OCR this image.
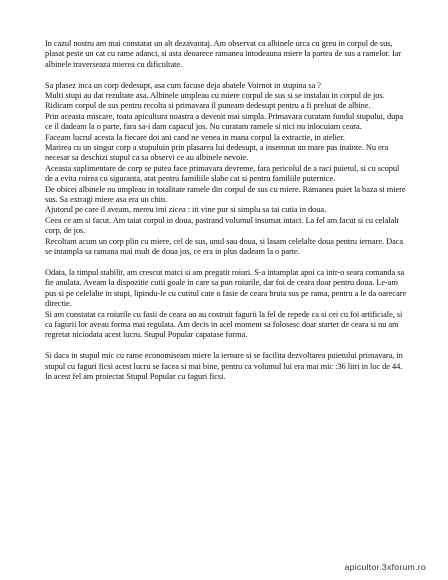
In cazul nostru am mai constatat un alt dezavantaj. Am observat ca albinele urca cu greu in corpul de sus, plasat peste un cat cu rame adanci, si asta deoarece ramanea intodeauna miere la partea de sus a ramelor. Iar albinele traverseaza miereа cu dificultate.

Sa plasez inca un corp dedesupt, asa cum facuse deja abatele Voirnot in stupina sa ?

Multi stupi au dat rezultate asa. Albinele umpleau cu miere corpul de sus si se instalau in corpul de jos.

Ridicam corpul de sus pentru recolta si primavara il puneam dedesupt pentru a fi preluat de albine.

Prin aceasta miscare, toata apicultura noastra a devenit mai simpla. Primavara curatam fundul stupului, dupa ce il dadeam la o parte, fara sa-i dam capacul jos. Nu curatam ramele si nici nu inlocuiam ceara.

Faceam lucrul acesta la fiecare doi ani cand ne venea in mana corpul la extractie, in atelier.

Marirea cu un singur corp a stupuluin prin plasarea lui dedesupt, a insemnat un mare pas inainte. Nu era necesar sa deschizi stupul ca sa observi ce au albinele nevoie.

Aceasta suplimentare de corp se putea face primavara devreme, fara pericolul de a raci puietul, si cu scopul de a evita roirea cu siguranta, atat pentru familiile slabe cat si pentru familiile puternice.

De obicei albinele nu umpleau in totalitate ramele din corpul de sus cu miere. Ramanea puiet la baza si miere sus. Sa extragi miere asa era un chin.

Ajutorul pe care il aveam, mereu imi zicea : iti vine pur si simplu sa tai cutia in doua.

Ceea ce am si facut. Am taiat corpul in doua, pastrand volumul insumat intact. La fel am facut si cu celalalt corp, de jos.

Recoltam acum un corp plin cu miere, cel de sus, unul sau doua, si lasam celelalte doua pentru iernare. Daca se intampla sa ramana mai mult de doua jos, ce era in plus dadeam la o parte.

Odata, la timpul stabilit, am crescut matci si am pregatit roiuri. S-a intamplat apoi ca intr-o seara comanda sa fie anulata. Aveam la dispozitie cutii goale in care sa pun roiurile, dar foi de ceara doar pentru doua. Le-am pus si pe celelalte in stupi, lipindu-le cu cutitul cate o fasie de ceara bruta sus pe rama, pentru a le da oarecare directie.

Si am constatat ca roiurile cu fasii de ceara au au costruit fagurii la fel de repede ca si cei cu foi artificiale, si ca fagurii lor aveau forma mai regulata. Am decis in acel moment sa folosesc doar starter de ceara si nu am regretat niciodata acest lucru. Stupul Popular capatase forma.

Si daca in stupul mic cu rame economiseam miere la iernare si se facilita dezvoltarea puietului primavara, in stupul cu faguri ficsi acest lucru se facea si mai bine, pentru ca volumul lui era mai mic :36 litri in loc de 44.

In acest fel am proiectat Stupul Popular cu faguri ficsi.

apicultor.3xforum.ro
